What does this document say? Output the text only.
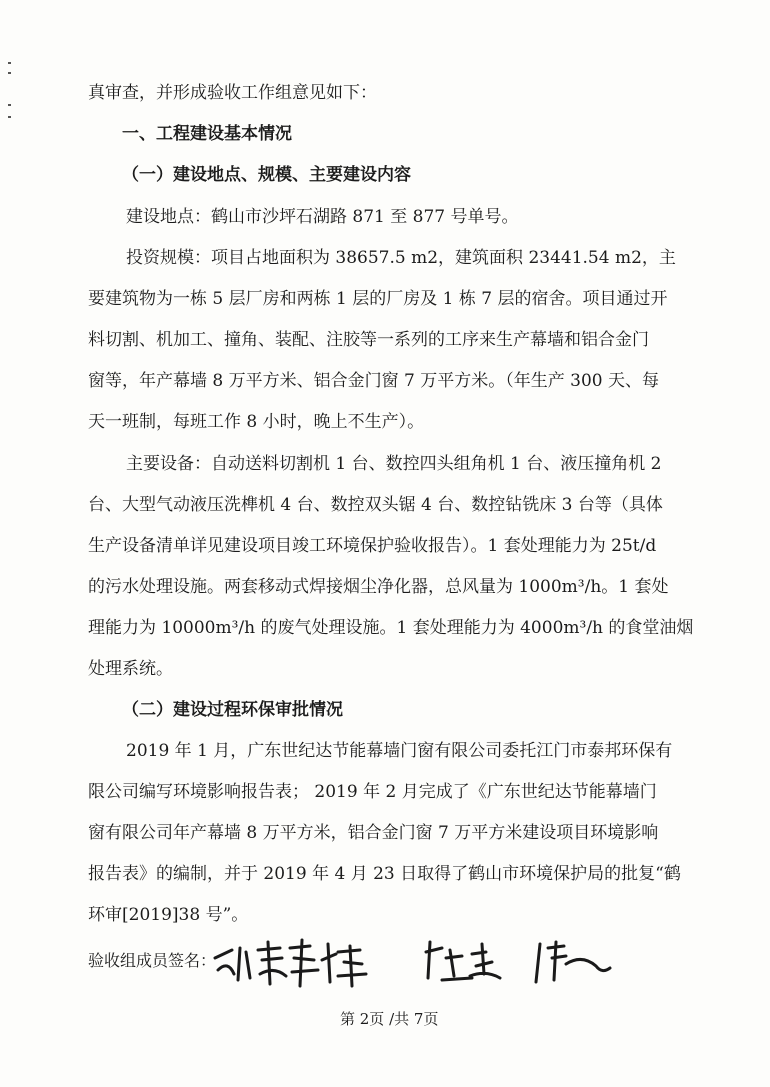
真审查，并形成验收工作组意见如下：

一、工程建设基本情况

（一）建设地点、规模、主要建设内容

建设地点：鹤山市沙坪石湖路 871 至 877 号单号。

投资规模：项目占地面积为 38657.5 m2，建筑面积 23441.54 m2，主

要建筑物为一栋 5 层厂房和两栋 1 层的厂房及 1 栋 7 层的宿舍。项目通过开

料切割、机加工、撞角、装配、注胶等一系列的工序来生产幕墙和铝合金门

窗等，年产幕墙 8 万平方米、铝合金门窗 7 万平方米。（年生产 300 天、每

天一班制，每班工作 8 小时，晚上不生产）。

主要设备：自动送料切割机 1 台、数控四头组角机 1 台、液压撞角机 2

台、大型气动液压洗榫机 4 台、数控双头锯 4 台、数控钻铣床 3 台等（具体

生产设备清单详见建设项目竣工环境保护验收报告）。1 套处理能力为 25t/d

的污水处理设施。两套移动式焊接烟尘净化器，总风量为 1000m³/h。1 套处

理能力为 10000m³/h 的废气处理设施。1 套处理能力为 4000m³/h 的食堂油烟

处理系统。

（二）建设过程环保审批情况

2019 年 1 月，广东世纪达节能幕墙门窗有限公司委托江门市泰邦环保有

限公司编写环境影响报告表； 2019 年 2 月完成了《广东世纪达节能幕墙门

窗有限公司年产幕墙 8 万平方米，铝合金门窗 7 万平方米建设项目环境影响

报告表》的编制，并于 2019 年 4 月 23 日取得了鹤山市环境保护局的批复“鹤

环审[2019]38 号”。

验收组成员签名：

第 2页 /共 7页
